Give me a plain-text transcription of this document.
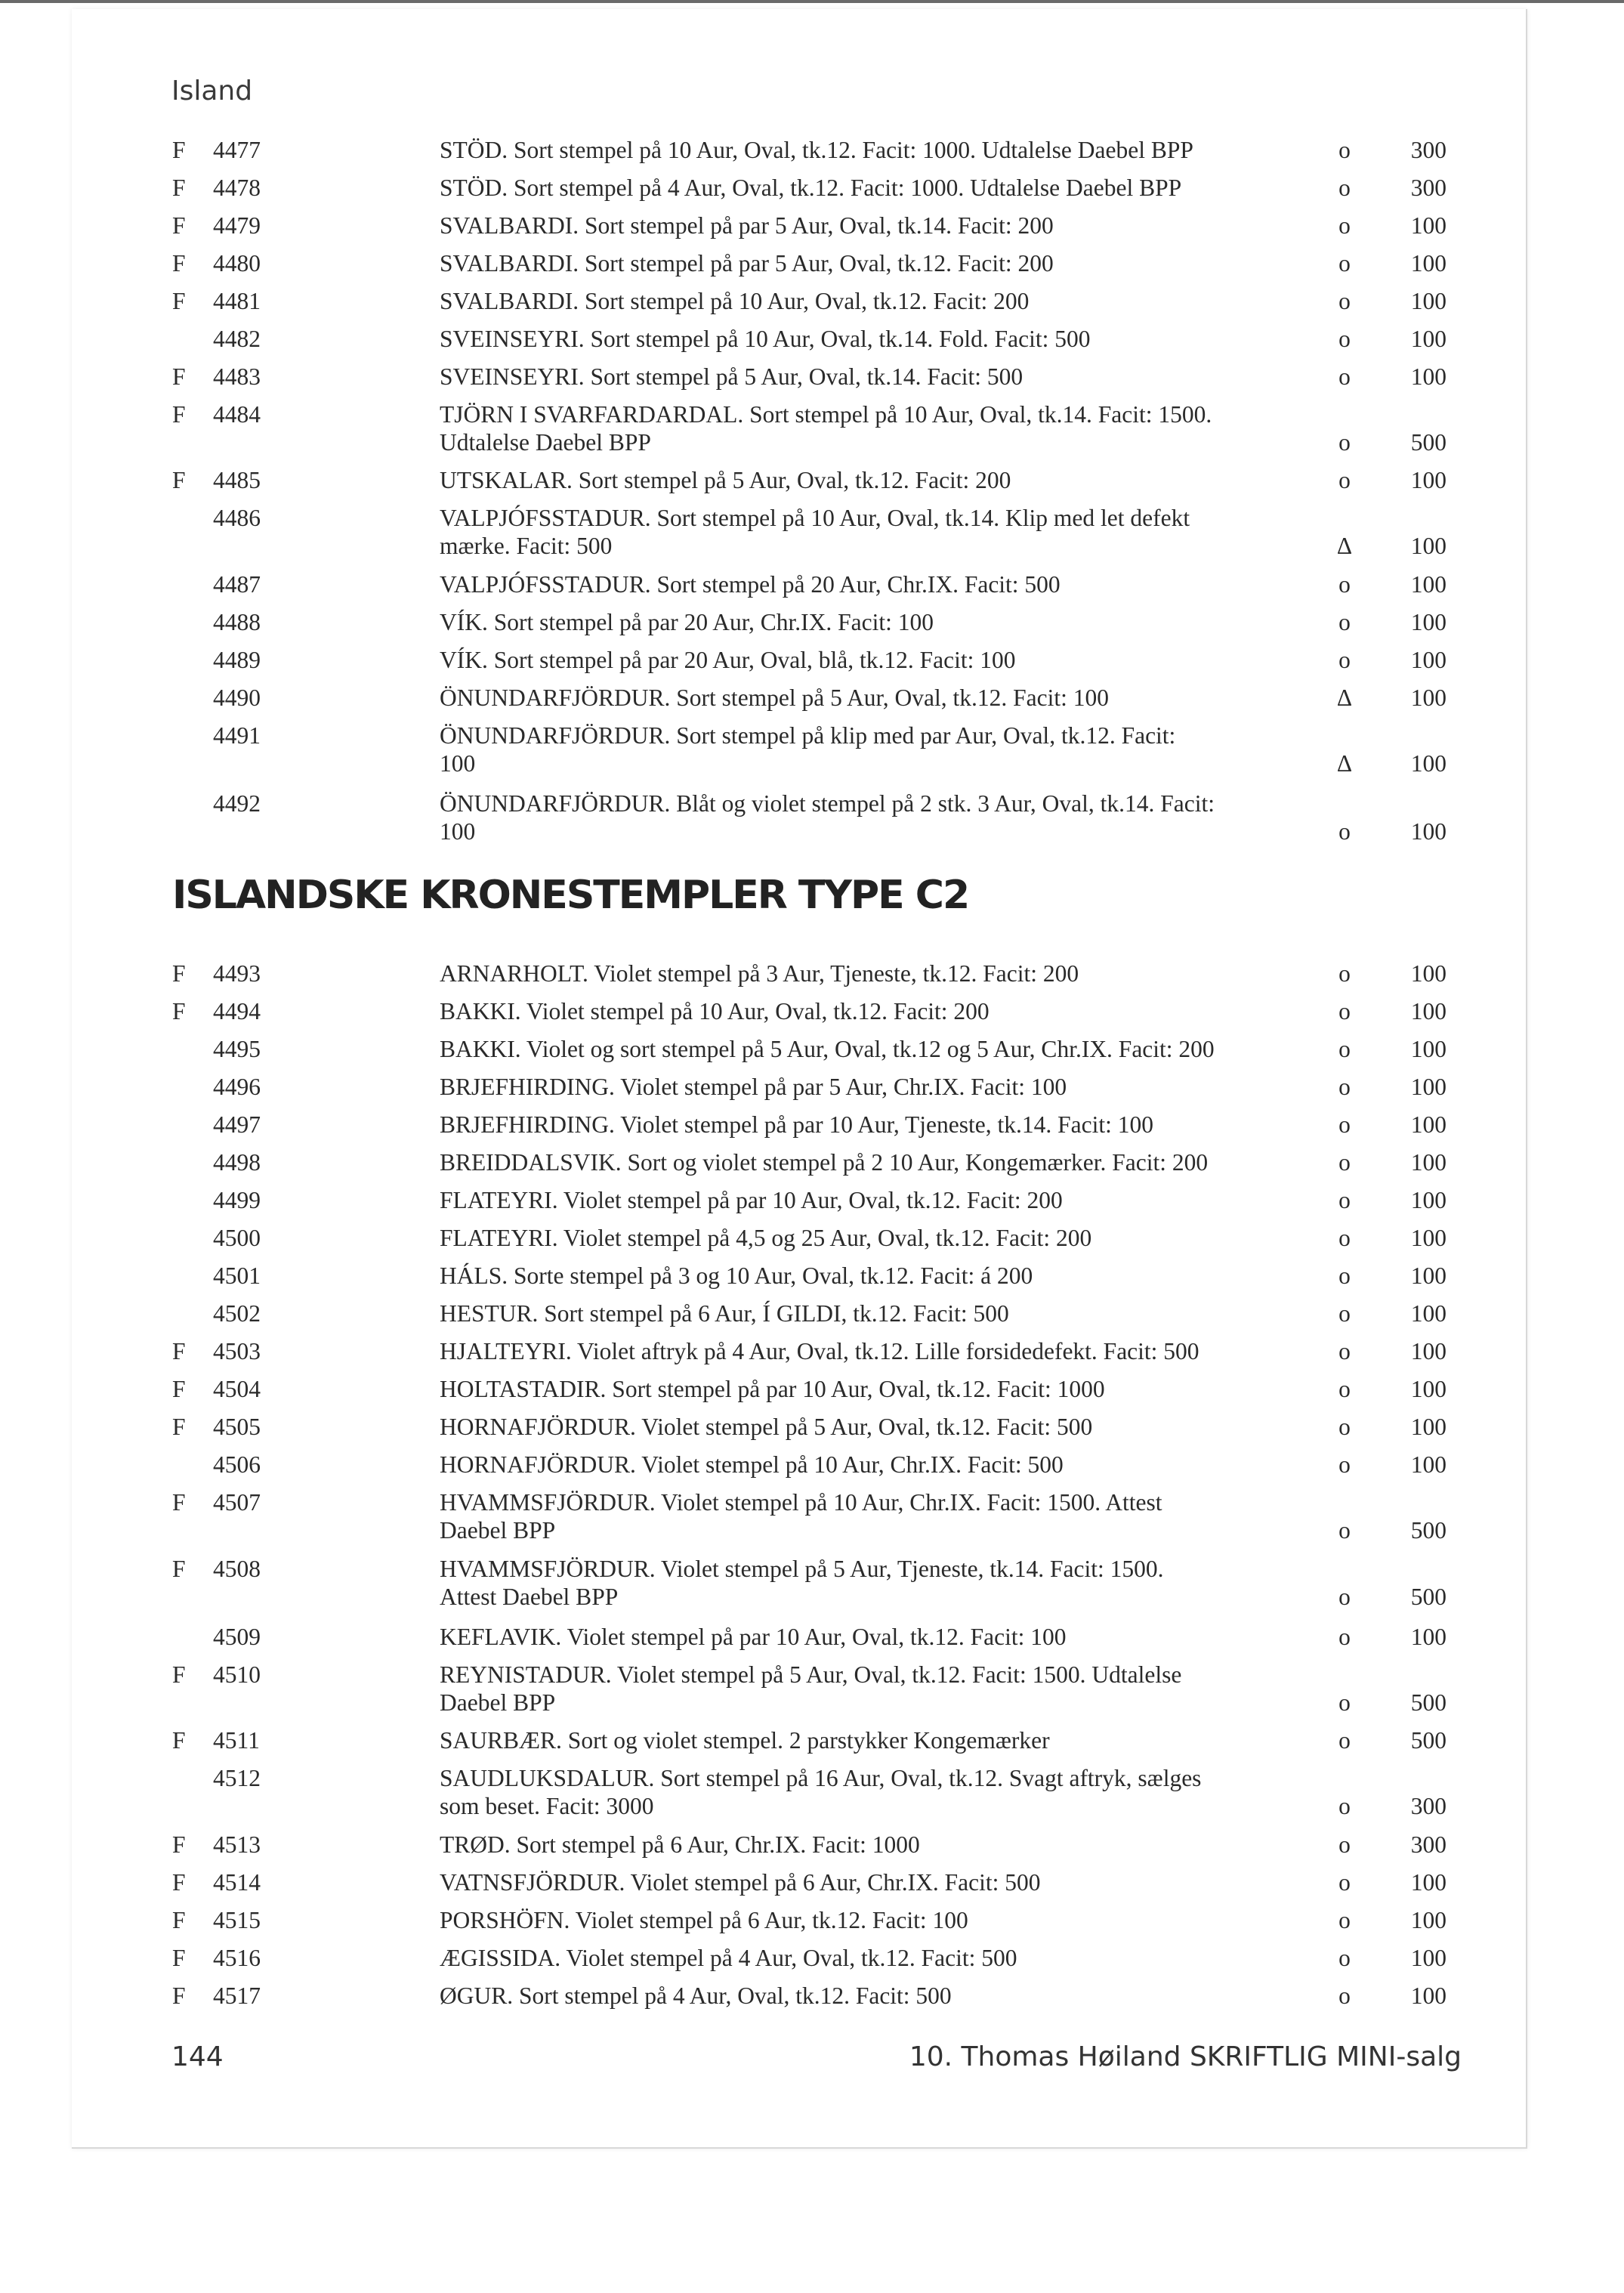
Island
F	4477	STÖD. Sort stempel på 10 Aur, Oval, tk.12. Facit: 1000. Udtalelse Daebel BPP	o	300
F	4478	STÖD. Sort stempel på 4 Aur, Oval, tk.12. Facit: 1000. Udtalelse Daebel BPP	o	300
F	4479	SVALBARDI. Sort stempel på par 5 Aur, Oval, tk.14. Facit: 200	o	100
F	4480	SVALBARDI. Sort stempel på par 5 Aur, Oval, tk.12. Facit: 200	o	100
F	4481	SVALBARDI. Sort stempel på 10 Aur, Oval, tk.12. Facit: 200	o	100
4482	SVEINSEYRI. Sort stempel på 10 Aur, Oval, tk.14. Fold. Facit: 500	o	100
F	4483	SVEINSEYRI. Sort stempel på 5 Aur, Oval, tk.14. Facit: 500	o	100
F	4484	TJÖRN I SVARFARDARDAL. Sort stempel på 10 Aur, Oval, tk.14. Facit: 1500.
Udtalelse Daebel BPP	o	500
F	4485	UTSKALAR. Sort stempel på 5 Aur, Oval, tk.12. Facit: 200	o	100
4486	VALPJÓFSSTADUR. Sort stempel på 10 Aur, Oval, tk.14. Klip med let defekt
mærke. Facit: 500	Δ	100
4487	VALPJÓFSSTADUR. Sort stempel på 20 Aur, Chr.IX. Facit: 500	o	100
4488	VÍK. Sort stempel på par 20 Aur, Chr.IX. Facit: 100	o	100
4489	VÍK. Sort stempel på par 20 Aur, Oval, blå, tk.12. Facit: 100	o	100
4490	ÖNUNDARFJÖRDUR. Sort stempel på 5 Aur, Oval, tk.12. Facit: 100	Δ	100
4491	ÖNUNDARFJÖRDUR. Sort stempel på klip med par Aur, Oval, tk.12. Facit:
100	Δ	100
4492	ÖNUNDARFJÖRDUR. Blåt og violet stempel på 2 stk. 3 Aur, Oval, tk.14. Facit:
100	o	100
F	4493	ARNARHOLT. Violet stempel på 3 Aur, Tjeneste, tk.12. Facit: 200	o	100
F	4494	BAKKI. Violet stempel på 10 Aur, Oval, tk.12. Facit: 200	o	100
4495	BAKKI. Violet og sort stempel på 5 Aur, Oval, tk.12 og 5 Aur, Chr.IX. Facit: 200	o	100
4496	BRJEFHIRDING. Violet stempel på par 5 Aur, Chr.IX. Facit: 100	o	100
4497	BRJEFHIRDING. Violet stempel på par 10 Aur, Tjeneste, tk.14. Facit: 100	o	100
4498	BREIDDALSVIK. Sort og violet stempel på 2 10 Aur, Kongemærker. Facit: 200	o	100
4499	FLATEYRI. Violet stempel på par 10 Aur, Oval, tk.12. Facit: 200	o	100
4500	FLATEYRI. Violet stempel på 4,5 og 25 Aur, Oval, tk.12. Facit: 200	o	100
4501	HÁLS. Sorte stempel på 3 og 10 Aur, Oval, tk.12. Facit: á 200	o	100
4502	HESTUR. Sort stempel på 6 Aur, Í GILDI, tk.12. Facit: 500	o	100
F	4503	HJALTEYRI. Violet aftryk på 4 Aur, Oval, tk.12. Lille forsidedefekt. Facit: 500	o	100
F	4504	HOLTASTADIR. Sort stempel på par 10 Aur, Oval, tk.12. Facit: 1000	o	100
F	4505	HORNAFJÖRDUR. Violet stempel på 5 Aur, Oval, tk.12. Facit: 500	o	100
4506	HORNAFJÖRDUR. Violet stempel på 10 Aur, Chr.IX. Facit: 500	o	100
F	4507	HVAMMSFJÖRDUR. Violet stempel på 10 Aur, Chr.IX. Facit: 1500. Attest
Daebel BPP	o	500
F	4508	HVAMMSFJÖRDUR. Violet stempel på 5 Aur, Tjeneste, tk.14. Facit: 1500.
Attest Daebel BPP	o	500
4509	KEFLAVIK. Violet stempel på par 10 Aur, Oval, tk.12. Facit: 100	o	100
F	4510	REYNISTADUR. Violet stempel på 5 Aur, Oval, tk.12. Facit: 1500. Udtalelse
Daebel BPP	o	500
F	4511	SAURBÆR. Sort og violet stempel. 2 parstykker Kongemærker	o	500
4512	SAUDLUKSDALUR. Sort stempel på 16 Aur, Oval, tk.12. Svagt aftryk, sælges
som beset. Facit: 3000	o	300
F	4513	TRØD. Sort stempel på 6 Aur, Chr.IX. Facit: 1000	o	300
F	4514	VATNSFJÖRDUR. Violet stempel på 6 Aur, Chr.IX. Facit: 500	o	100
F	4515	PORSHÖFN. Violet stempel på 6 Aur, tk.12. Facit: 100	o	100
F	4516	ÆGISSIDA. Violet stempel på 4 Aur, Oval, tk.12. Facit: 500	o	100
F	4517	ØGUR. Sort stempel på 4 Aur, Oval, tk.12. Facit: 500	o	100
ISLANDSKE KRONESTEMPLER TYPE C2
144	10. Thomas Høiland SKRIFTLIG MINI-salg
